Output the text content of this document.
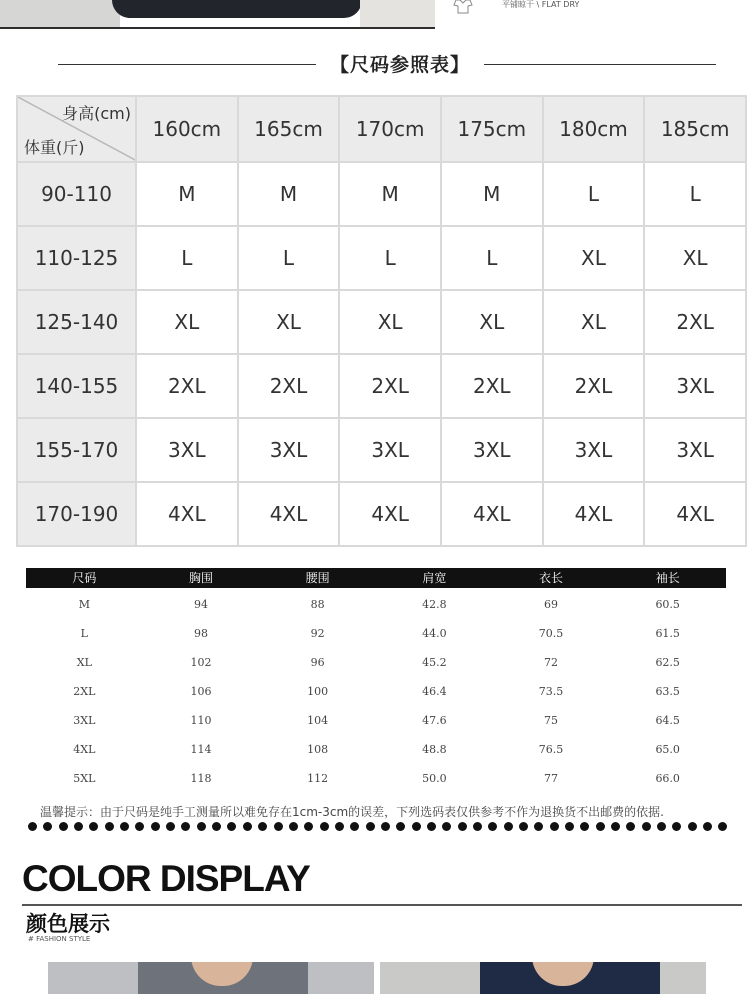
平铺晾干 \ FLAT DRY
【尺码参照表】
身高(cm)
体重(斤)	160cm	165cm	170cm	175cm	180cm	185cm
90-110	M	M	M	M	L	L
110-125	L	L	L	L	XL	XL
125-140	XL	XL	XL	XL	XL	2XL
140-155	2XL	2XL	2XL	2XL	2XL	3XL
155-170	3XL	3XL	3XL	3XL	3XL	3XL
170-190	4XL	4XL	4XL	4XL	4XL	4XL
尺码	胸围	腰围	肩宽	衣长	袖长
M	94	88	42.8	69	60.5
L	98	92	44.0	70.5	61.5
XL	102	96	45.2	72	62.5
2XL	106	100	46.4	73.5	63.5
3XL	110	104	47.6	75	64.5
4XL	114	108	48.8	76.5	65.0
5XL	118	112	50.0	77	66.0
温馨提示：由于尺码是纯手工测量所以难免存在1cm-3cm的误差，下列选码表仅供参考不作为退换货不出邮费的依据.
COLOR DISPLAY
颜色展示
# FASHION STYLE
